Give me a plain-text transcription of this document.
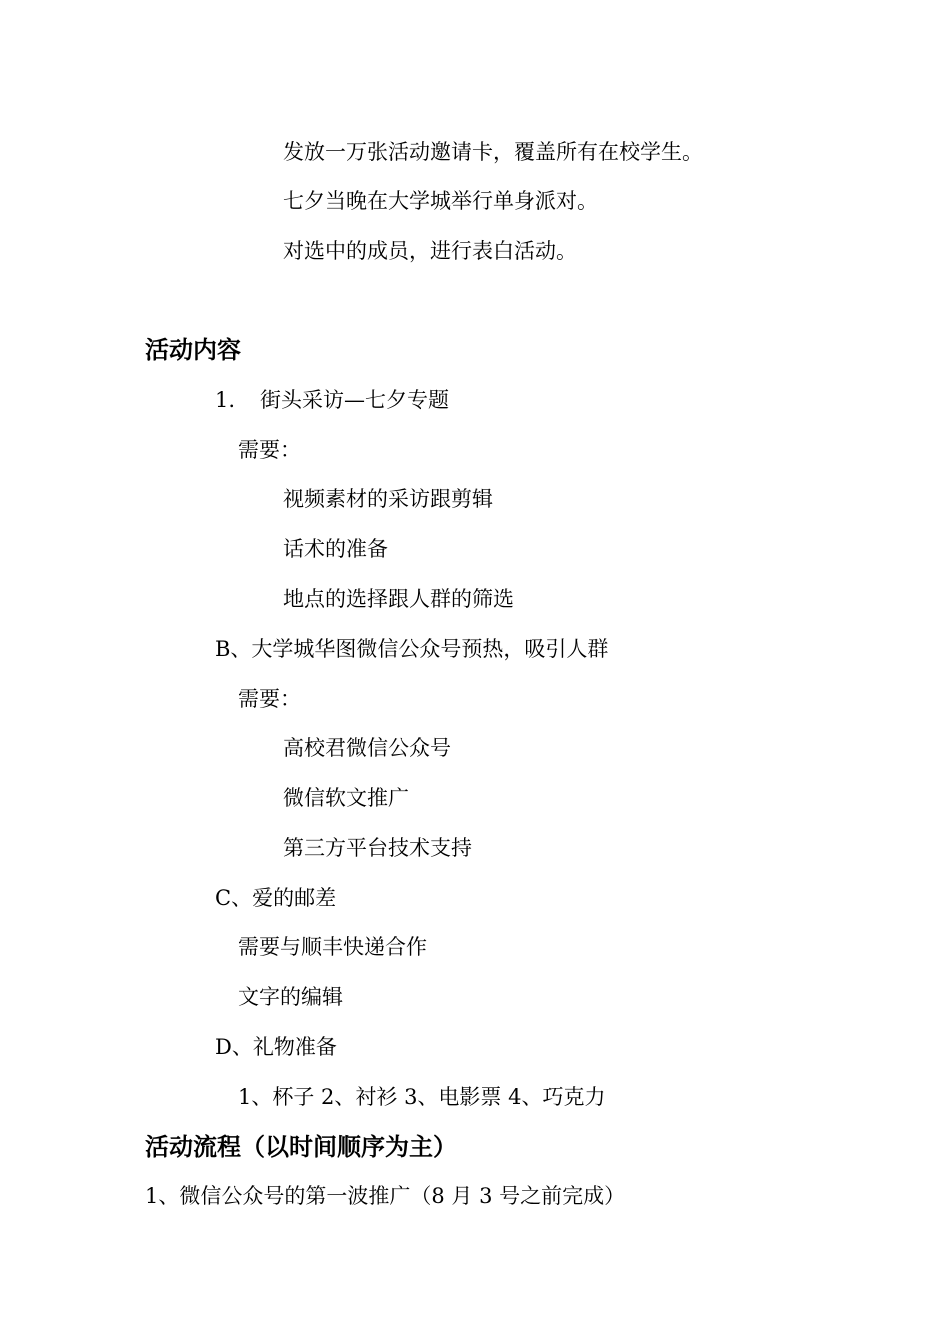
发放一万张活动邀请卡，覆盖所有在校学生。
七夕当晚在大学城举行单身派对。
对选中的成员，进行表白活动。
活动内容
1. 街头采访—七夕专题
需要：
视频素材的采访跟剪辑
话术的准备
地点的选择跟人群的筛选
B、大学城华图微信公众号预热，吸引人群
需要：
高校君微信公众号
微信软文推广
第三方平台技术支持
C、爱的邮差
需要与顺丰快递合作
文字的编辑
D、礼物准备
1、杯子 2、衬衫 3、电影票 4、巧克力
活动流程（以时间顺序为主）
1、微信公众号的第一波推广（8 月 3 号之前完成）
